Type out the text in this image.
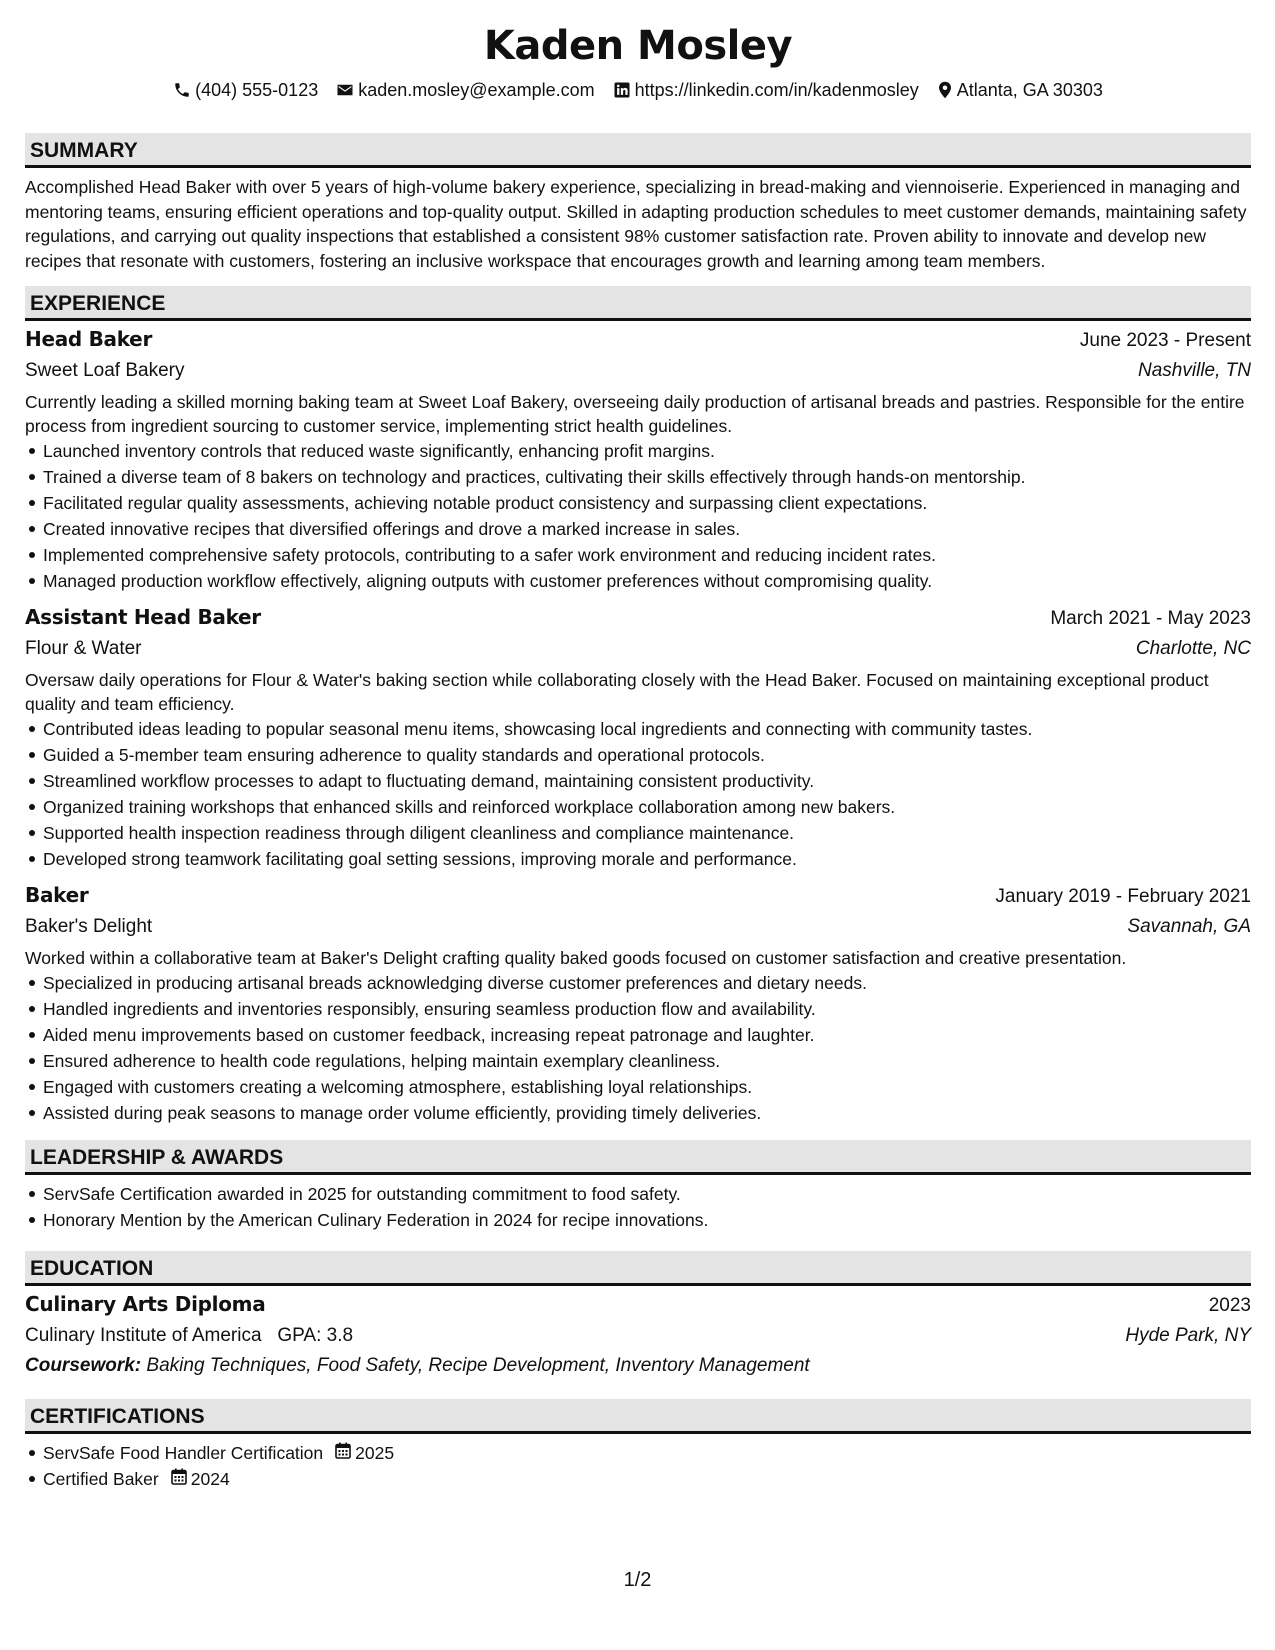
Kaden Mosley
(404) 555-0123 kaden.mosley@example.com https://linkedin.com/in/kadenmosley Atlanta, GA 30303
SUMMARY

Accomplished Head Baker with over 5 years of high-volume bakery experience, specializing in bread-making and viennoiserie. Experienced in managing and mentoring teams, ensuring efficient operations and top-quality output. Skilled in adapting production schedules to meet customer demands, maintaining safety regulations, and carrying out quality inspections that established a consistent 98% customer satisfaction rate. Proven ability to innovate and develop new recipes that resonate with customers, fostering an inclusive workspace that encourages growth and learning among team members.

EXPERIENCE
Head Baker	June 2023 - Present
Sweet Loaf Bakery	Nashville, TN

Currently leading a skilled morning baking team at Sweet Loaf Bakery, overseeing daily production of artisanal breads and pastries. Responsible for the entire process from ingredient sourcing to customer service, implementing strict health guidelines.

Launched inventory controls that reduced waste significantly, enhancing profit margins.
Trained a diverse team of 8 bakers on technology and practices, cultivating their skills effectively through hands-on mentorship.
Facilitated regular quality assessments, achieving notable product consistency and surpassing client expectations.
Created innovative recipes that diversified offerings and drove a marked increase in sales.
Implemented comprehensive safety protocols, contributing to a safer work environment and reducing incident rates.
Managed production workflow effectively, aligning outputs with customer preferences without compromising quality.
Assistant Head Baker	March 2021 - May 2023
Flour & Water	Charlotte, NC

Oversaw daily operations for Flour & Water's baking section while collaborating closely with the Head Baker. Focused on maintaining exceptional product quality and team efficiency.

Contributed ideas leading to popular seasonal menu items, showcasing local ingredients and connecting with community tastes.
Guided a 5-member team ensuring adherence to quality standards and operational protocols.
Streamlined workflow processes to adapt to fluctuating demand, maintaining consistent productivity.
Organized training workshops that enhanced skills and reinforced workplace collaboration among new bakers.
Supported health inspection readiness through diligent cleanliness and compliance maintenance.
Developed strong teamwork facilitating goal setting sessions, improving morale and performance.
Baker	January 2019 - February 2021
Baker's Delight	Savannah, GA

Worked within a collaborative team at Baker's Delight crafting quality baked goods focused on customer satisfaction and creative presentation.

Specialized in producing artisanal breads acknowledging diverse customer preferences and dietary needs.
Handled ingredients and inventories responsibly, ensuring seamless production flow and availability.
Aided menu improvements based on customer feedback, increasing repeat patronage and laughter.
Ensured adherence to health code regulations, helping maintain exemplary cleanliness.
Engaged with customers creating a welcoming atmosphere, establishing loyal relationships.
Assisted during peak seasons to manage order volume efficiently, providing timely deliveries.
LEADERSHIP & AWARDS
ServSafe Certification awarded in 2025 for outstanding commitment to food safety.
Honorary Mention by the American Culinary Federation in 2024 for recipe innovations.
EDUCATION
Culinary Arts Diploma	2023
Culinary Institute of America GPA: 3.8	Hyde Park, NY
Coursework: Baking Techniques, Food Safety, Recipe Development, Inventory Management
CERTIFICATIONS
ServSafe Food Handler Certification 2025
Certified Baker 2024
1/2
